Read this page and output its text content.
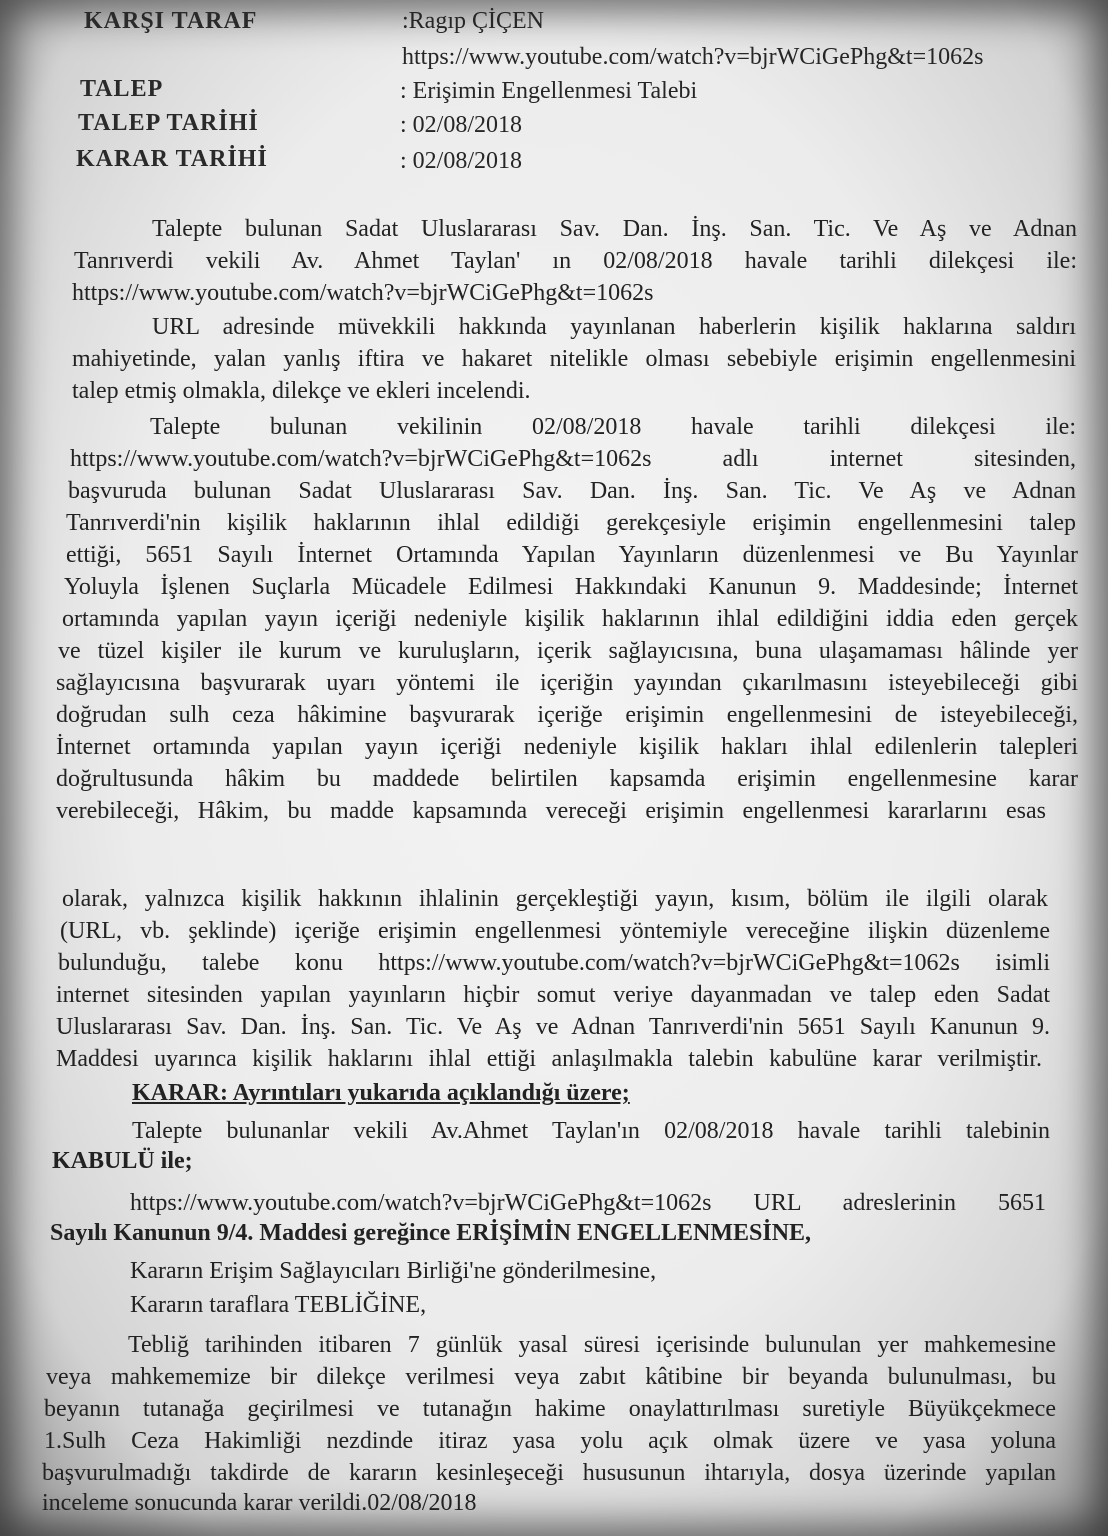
KARŞI TARAF	:Ragıp ÇİÇEN
https://www.youtube.com/watch?v=bjrWCiGePhg&t=1062s
TALEP	: Erişimin Engellenmesi Talebi
TALEP TARİHİ	: 02/08/2018
KARAR TARİHİ	: 02/08/2018
Talepte bulunan Sadat Uluslararası Sav. Dan. İnş. San. Tic. Ve Aş ve Adnan
Tanrıverdi vekili Av. Ahmet Taylan' ın 02/08/2018 havale tarihli dilekçesi ile:
https://www.youtube.com/watch?v=bjrWCiGePhg&t=1062s
URL adresinde müvekkili hakkında yayınlanan haberlerin kişilik haklarına saldırı
mahiyetinde, yalan yanlış iftira ve hakaret nitelikle olması sebebiyle erişimin engellenmesini
talep etmiş olmakla, dilekçe ve ekleri incelendi.
Talepte bulunan vekilinin 02/08/2018 havale tarihli dilekçesi ile:
https://www.youtube.com/watch?v=bjrWCiGePhg&t=1062s adlı internet sitesinden,
başvuruda bulunan Sadat Uluslararası Sav. Dan. İnş. San. Tic. Ve Aş ve Adnan
Tanrıverdi'nin kişilik haklarının ihlal edildiği gerekçesiyle erişimin engellenmesini talep
ettiği, 5651 Sayılı İnternet Ortamında Yapılan Yayınların düzenlenmesi ve Bu Yayınlar
Yoluyla İşlenen Suçlarla Mücadele Edilmesi Hakkındaki Kanunun 9. Maddesinde; İnternet
ortamında yapılan yayın içeriği nedeniyle kişilik haklarının ihlal edildiğini iddia eden gerçek
ve tüzel kişiler ile kurum ve kuruluşların, içerik sağlayıcısına, buna ulaşamaması hâlinde yer
sağlayıcısına başvurarak uyarı yöntemi ile içeriğin yayından çıkarılmasını isteyebileceği gibi
doğrudan sulh ceza hâkimine başvurarak içeriğe erişimin engellenmesini de isteyebileceği,
İnternet ortamında yapılan yayın içeriği nedeniyle kişilik hakları ihlal edilenlerin talepleri
doğrultusunda hâkim bu maddede belirtilen kapsamda erişimin engellenmesine karar
verebileceği, Hâkim, bu madde kapsamında vereceği erişimin engellenmesi kararlarını esas
olarak, yalnızca kişilik hakkının ihlalinin gerçekleştiği yayın, kısım, bölüm ile ilgili olarak
(URL, vb. şeklinde) içeriğe erişimin engellenmesi yöntemiyle vereceğine ilişkin düzenleme
bulunduğu, talebe konu https://www.youtube.com/watch?v=bjrWCiGePhg&t=1062s isimli
internet sitesinden yapılan yayınların hiçbir somut veriye dayanmadan ve talep eden Sadat
Uluslararası Sav. Dan. İnş. San. Tic. Ve Aş ve Adnan Tanrıverdi'nin 5651 Sayılı Kanunun 9.
Maddesi uyarınca kişilik haklarını ihlal ettiği anlaşılmakla talebin kabulüne karar verilmiştir.
KARAR: Ayrıntıları yukarıda açıklandığı üzere;
Talepte bulunanlar vekili Av.Ahmet Taylan'ın 02/08/2018 havale tarihli talebinin
KABULÜ ile;
https://www.youtube.com/watch?v=bjrWCiGePhg&t=1062s URL adreslerinin 5651
Sayılı Kanunun 9/4. Maddesi gereğince ERİŞİMİN ENGELLENMESİNE,
Kararın Erişim Sağlayıcıları Birliği'ne gönderilmesine,
Kararın taraflara TEBLİĞİNE,
Tebliğ tarihinden itibaren 7 günlük yasal süresi içerisinde bulunulan yer mahkemesine
veya mahkememize bir dilekçe verilmesi veya zabıt kâtibine bir beyanda bulunulması, bu
beyanın tutanağa geçirilmesi ve tutanağın hakime onaylattırılması suretiyle Büyükçekmece
1.Sulh Ceza Hakimliği nezdinde itiraz yasa yolu açık olmak üzere ve yasa yoluna
başvurulmadığı takdirde de kararın kesinleşeceği hususunun ihtarıyla, dosya üzerinde yapılan
inceleme sonucunda karar verildi.02/08/2018
